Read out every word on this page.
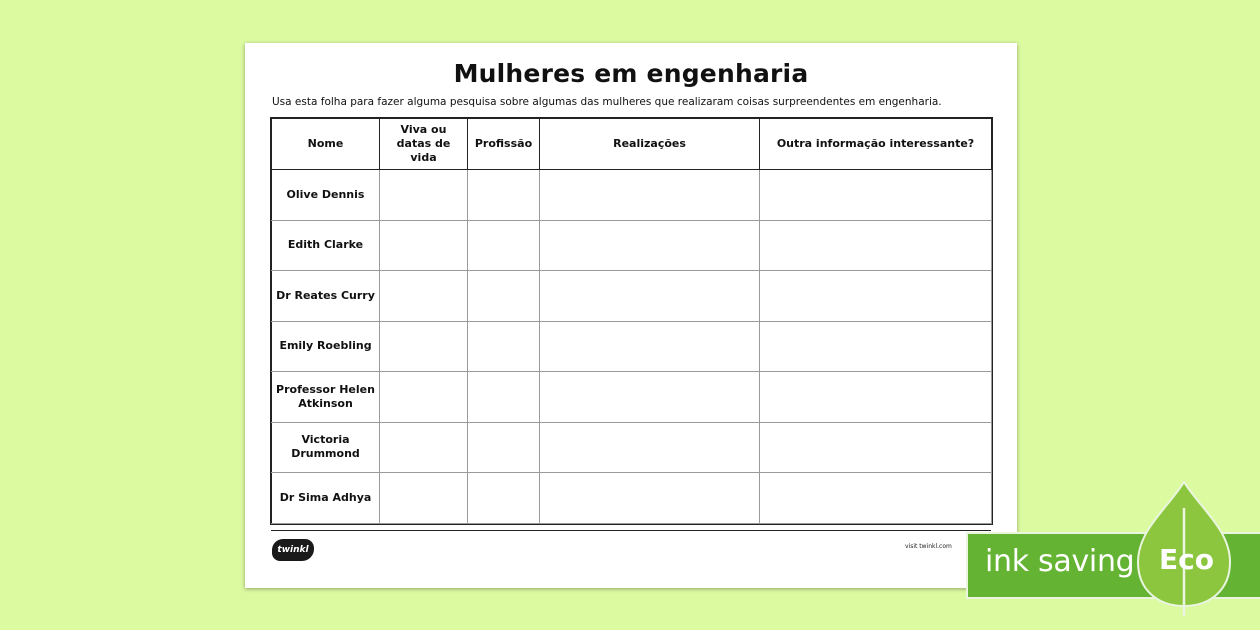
Mulheres em engenharia
Usa esta folha para fazer alguma pesquisa sobre algumas das mulheres que realizaram coisas surpreendentes em engenharia.
Nome	Viva ou datas de vida	Profissão	Realizações	Outra informação interessante?
Olive Dennis				
Edith Clarke				
Dr Reates Curry				
Emily Roebling				
Professor Helen Atkinson				
Victoria Drummond				
Dr Sima Adhya				
twinkl	visit twinkl.com ink saving Eco
